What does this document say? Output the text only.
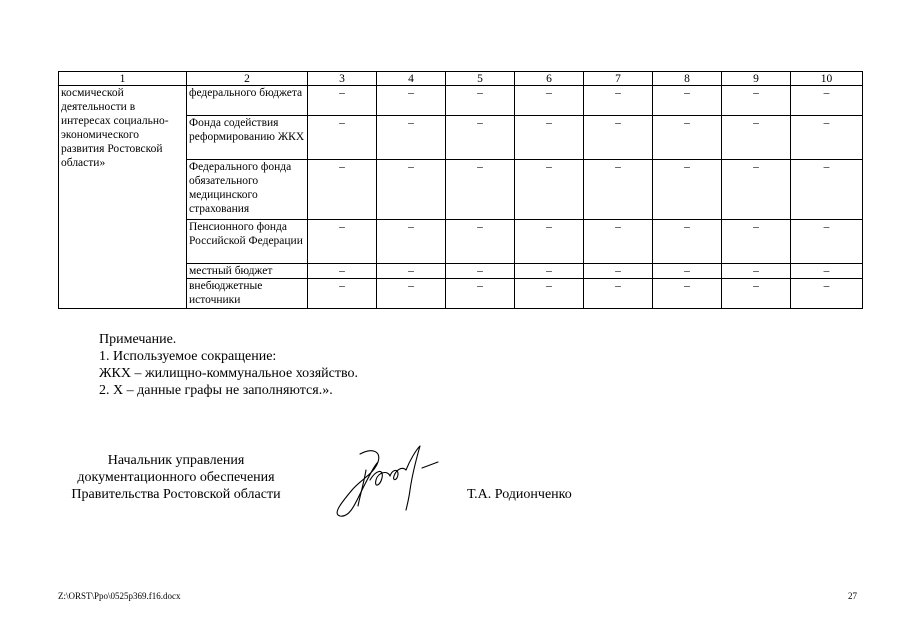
1	2	3	4	5	6	7	8	9	10
космической деятельности в интересах социально-экономического развития Ростовской области»	федерального бюджета	–	–	–	–	–	–	–	–
	Фонда содействия реформированию ЖКХ	–	–	–	–	–	–	–	–
	Федерального фонда обязательного медицинского страхования	–	–	–	–	–	–	–	–
	Пенсионного фонда Российской Федерации	–	–	–	–	–	–	–	–
	местный бюджет	–	–	–	–	–	–	–	–
	внебюджетные источники	–	–	–	–	–	–	–	–
Примечание.
1. Используемое сокращение:
ЖКХ – жилищно-коммунальное хозяйство.
2. Х – данные графы не заполняются.».
Начальник управления
документационного обеспечения
Правительства Ростовской области	Т.А. Родионченко
Z:\ORST\Ppo\0525p369.f16.docx	27
